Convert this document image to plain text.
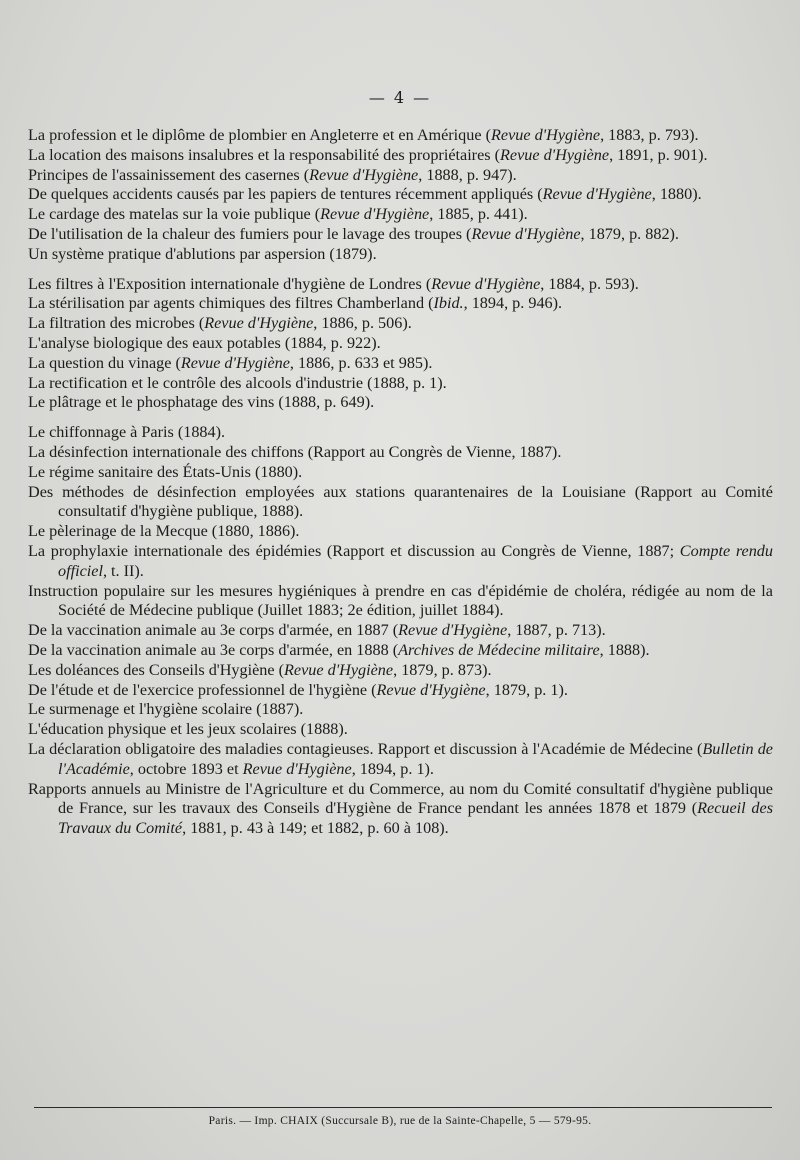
— 4 —

La profession et le diplôme de plombier en Angleterre et en Amérique (Revue d'Hygiène, 1883, p. 793).

La location des maisons insalubres et la responsabilité des propriétaires (Revue d'Hygiène, 1891, p. 901).

Principes de l'assainissement des casernes (Revue d'Hygiène, 1888, p. 947).

De quelques accidents causés par les papiers de tentures récemment appliqués (Revue d'Hygiène, 1880).

Le cardage des matelas sur la voie publique (Revue d'Hygiène, 1885, p. 441).

De l'utilisation de la chaleur des fumiers pour le lavage des troupes (Revue d'Hygiène, 1879, p. 882).

Un système pratique d'ablutions par aspersion (1879).

Les filtres à l'Exposition internationale d'hygiène de Londres (Revue d'Hygiène, 1884, p. 593).

La stérilisation par agents chimiques des filtres Chamberland (Ibid., 1894, p. 946).

La filtration des microbes (Revue d'Hygiène, 1886, p. 506).

L'analyse biologique des eaux potables (1884, p. 922).

La question du vinage (Revue d'Hygiène, 1886, p. 633 et 985).

La rectification et le contrôle des alcools d'industrie (1888, p. 1).

Le plâtrage et le phosphatage des vins (1888, p. 649).

Le chiffonnage à Paris (1884).

La désinfection internationale des chiffons (Rapport au Congrès de Vienne, 1887).

Le régime sanitaire des États-Unis (1880).

Des méthodes de désinfection employées aux stations quarantenaires de la Louisiane (Rapport au Comité consultatif d'hygiène publique, 1888).

Le pèlerinage de la Mecque (1880, 1886).

La prophylaxie internationale des épidémies (Rapport et discussion au Congrès de Vienne, 1887; Compte rendu officiel, t. II).

Instruction populaire sur les mesures hygiéniques à prendre en cas d'épidémie de choléra, rédigée au nom de la Société de Médecine publique (Juillet 1883; 2e édition, juillet 1884).

De la vaccination animale au 3e corps d'armée, en 1887 (Revue d'Hygiène, 1887, p. 713).

De la vaccination animale au 3e corps d'armée, en 1888 (Archives de Médecine militaire, 1888).

Les doléances des Conseils d'Hygiène (Revue d'Hygiène, 1879, p. 873).

De l'étude et de l'exercice professionnel de l'hygiène (Revue d'Hygiène, 1879, p. 1).

Le surmenage et l'hygiène scolaire (1887).

L'éducation physique et les jeux scolaires (1888).

La déclaration obligatoire des maladies contagieuses. Rapport et discussion à l'Académie de Médecine (Bulletin de l'Académie, octobre 1893 et Revue d'Hygiène, 1894, p. 1).

Rapports annuels au Ministre de l'Agriculture et du Commerce, au nom du Comité consultatif d'hygiène publique de France, sur les travaux des Conseils d'Hygiène de France pendant les années 1878 et 1879 (Recueil des Travaux du Comité, 1881, p. 43 à 149; et 1882, p. 60 à 108).

Paris. — Imp. CHAIX (Succursale B), rue de la Sainte-Chapelle, 5 — 579-95.
